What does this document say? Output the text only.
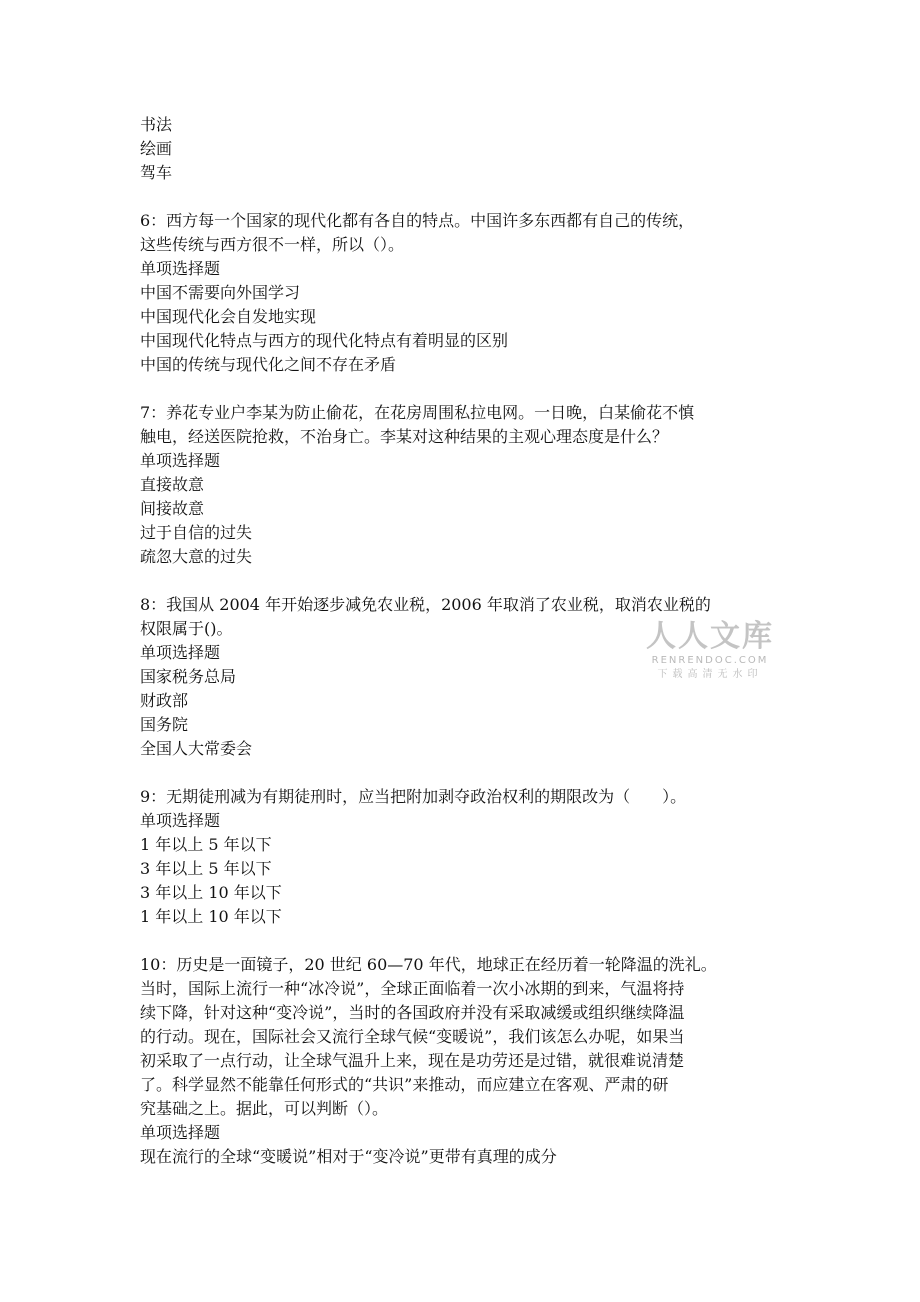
书法
绘画
驾车
6：西方每一个国家的现代化都有各自的特点。中国许多东西都有自己的传统，
这些传统与西方很不一样，所以（）。
单项选择题
中国不需要向外国学习
中国现代化会自发地实现
中国现代化特点与西方的现代化特点有着明显的区别
中国的传统与现代化之间不存在矛盾
7：养花专业户李某为防止偷花，在花房周围私拉电网。一日晚，白某偷花不慎
触电，经送医院抢救，不治身亡。李某对这种结果的主观心理态度是什么？
单项选择题
直接故意
间接故意
过于自信的过失
疏忽大意的过失
8：我国从 2004 年开始逐步减免农业税，2006 年取消了农业税，取消农业税的
权限属于()。
单项选择题
国家税务总局
财政部
国务院
全国人大常委会
9：无期徒刑减为有期徒刑时，应当把附加剥夺政治权利的期限改为（　　）。
单项选择题
1 年以上 5 年以下
3 年以上 5 年以下
3 年以上 10 年以下
1 年以上 10 年以下
10：历史是一面镜子，20 世纪 60—70 年代，地球正在经历着一轮降温的洗礼。
当时，国际上流行一种“冰冷说”，全球正面临着一次小冰期的到来，气温将持
续下降，针对这种“变冷说”，当时的各国政府并没有采取减缓或组织继续降温
的行动。现在，国际社会又流行全球气候“变暖说”，我们该怎么办呢，如果当
初采取了一点行动，让全球气温升上来，现在是功劳还是过错，就很难说清楚
了。科学显然不能靠任何形式的“共识”来推动，而应建立在客观、严肃的研
究基础之上。据此，可以判断（）。
单项选择题
现在流行的全球“变暖说”相对于“变冷说”更带有真理的成分
人人文库
RENRENDOC.COM
下载高清无水印
